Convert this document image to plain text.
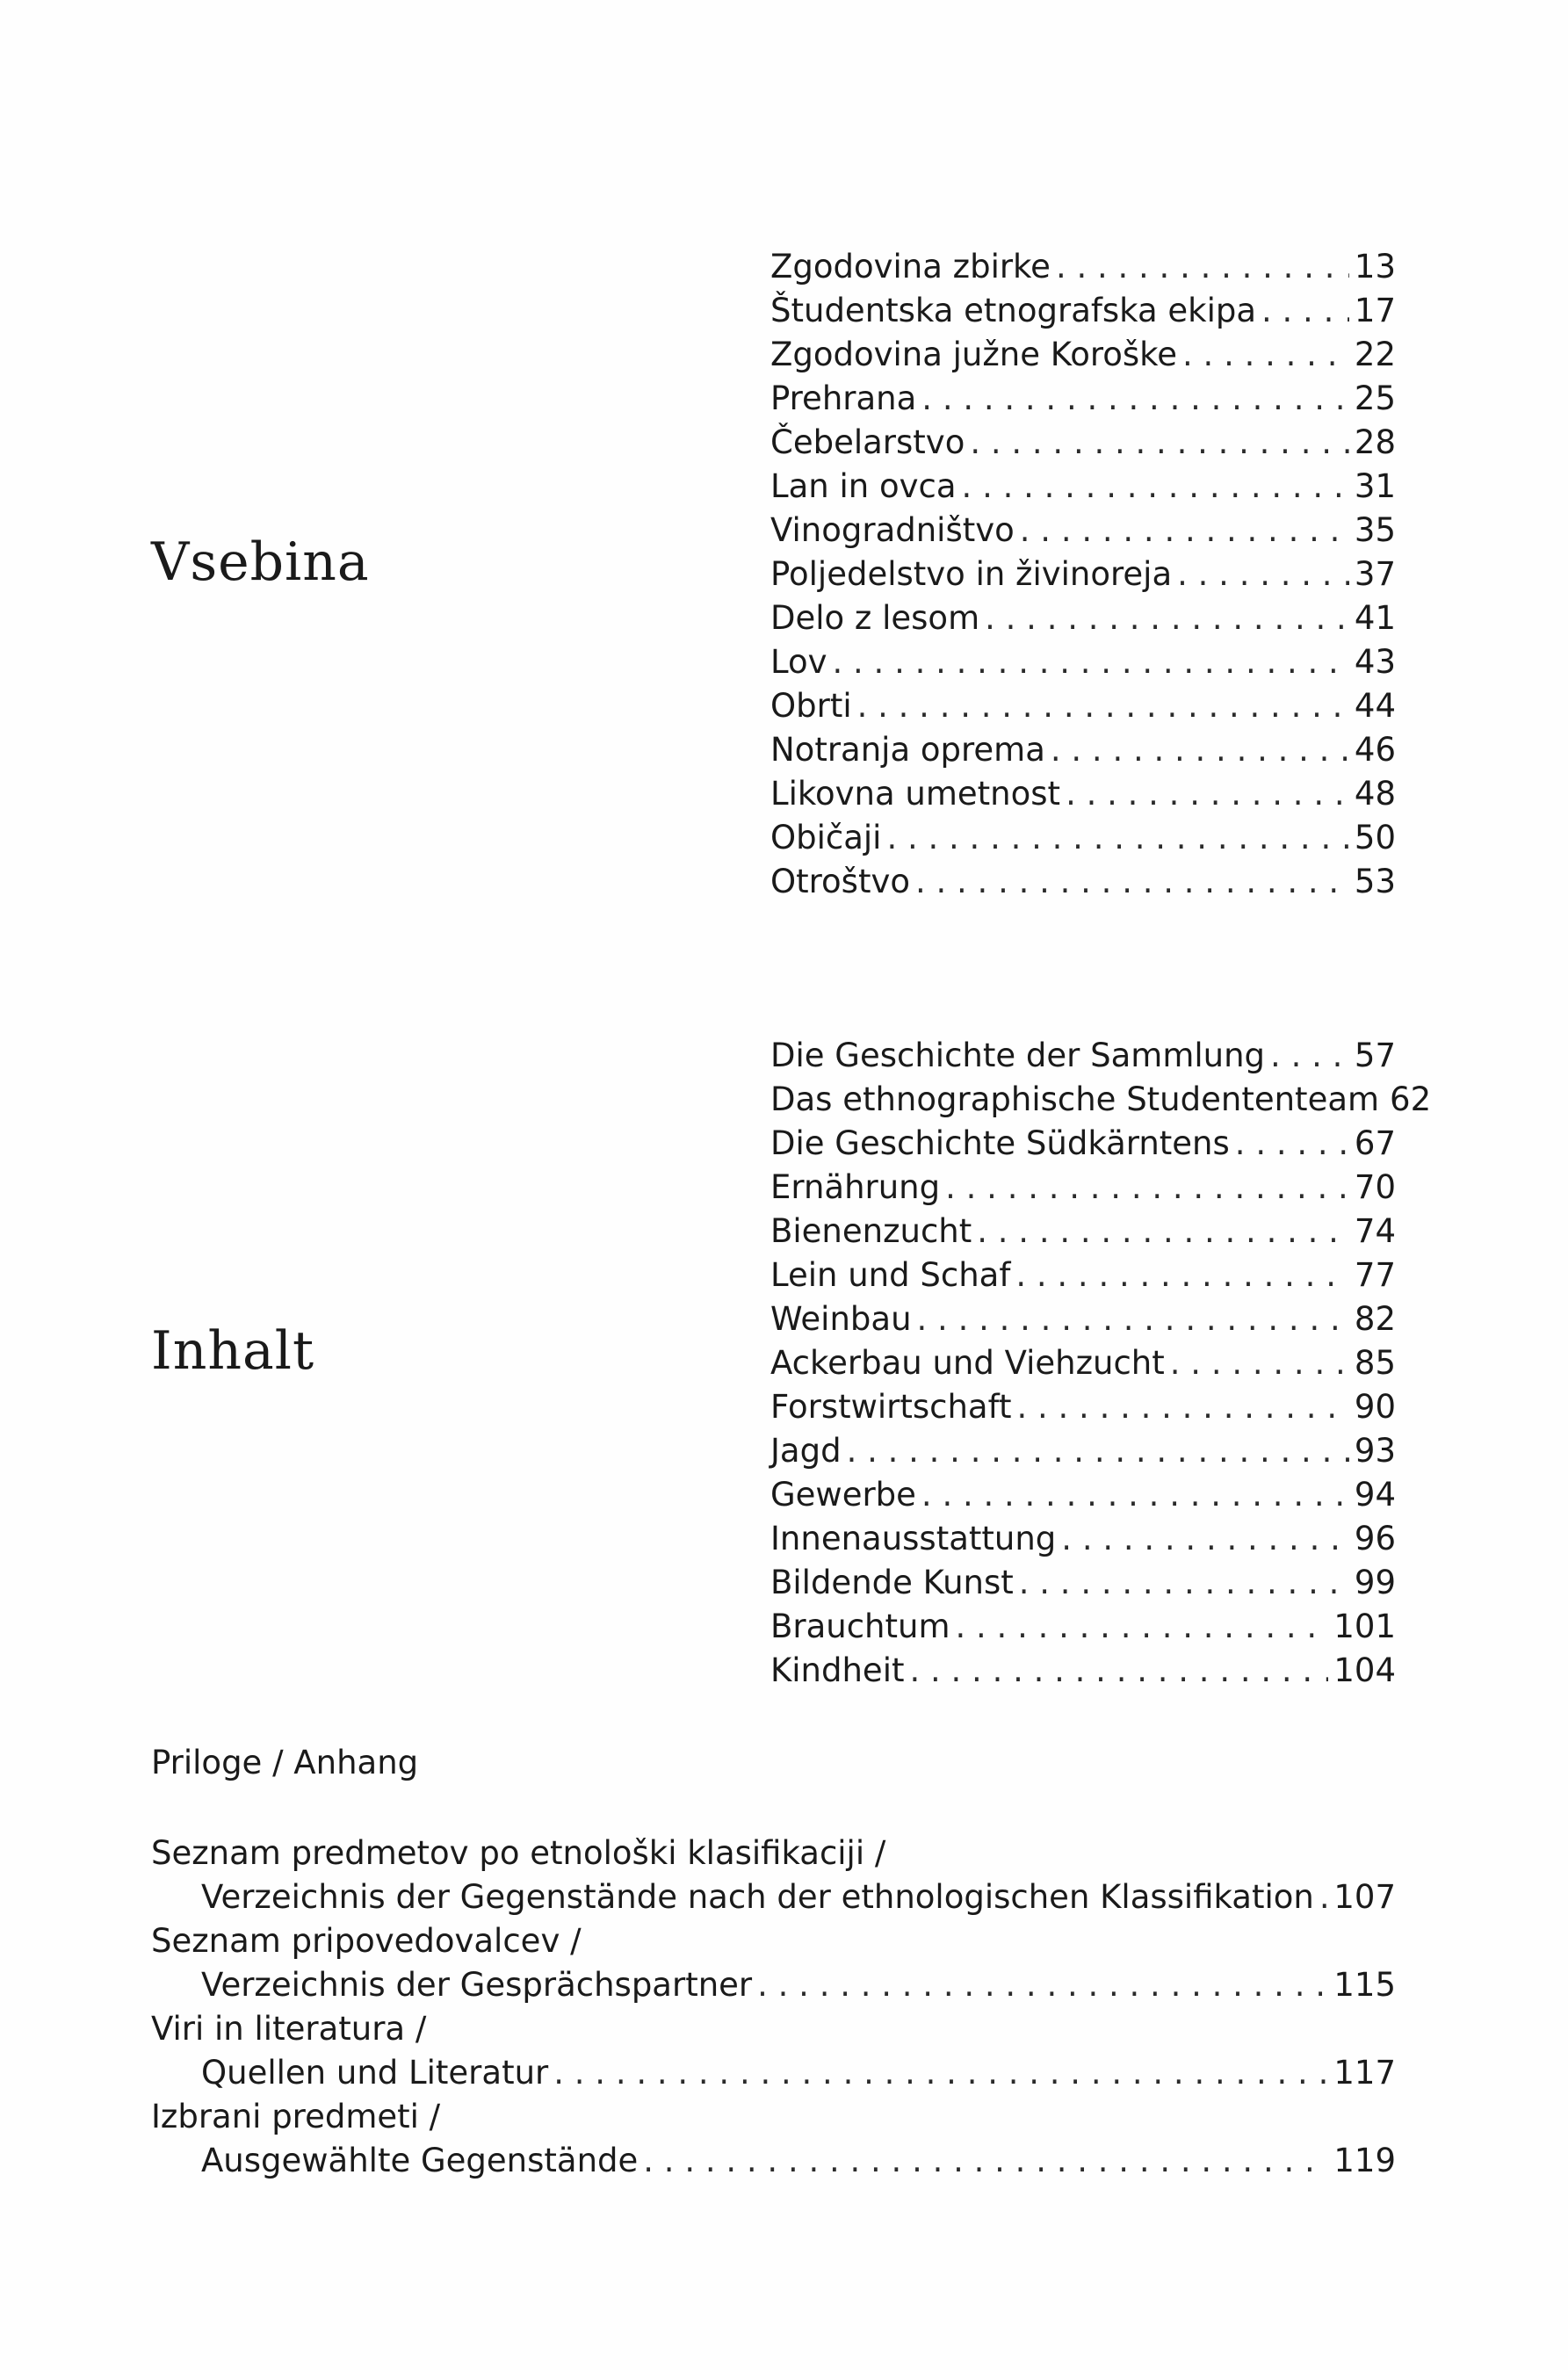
Vsebina
Zgodovina zbirke . . .	13
Študentska etnografska ekipa . . .	17
Zgodovina južne Koroške . . .	22
Prehrana . . .	25
Čebelarstvo . . .	28
Lan in ovca . . .	31
Vinogradništvo . . .	35
Poljedelstvo in živinoreja . . .	37
Delo z lesom . . .	41
Lov . . .	43
Obrti . . .	44
Notranja oprema . . .	46
Likovna umetnost . . .	48
Običaji . . .	50
Otroštvo . . .	53
Inhalt
Die Geschichte der Sammlung . . .	57
Das ethnographische Studententeam 62
Die Geschichte Südkärntens . . .	67
Ernährung . . .	70
Bienenzucht . . .	74
Lein und Schaf . . .	77
Weinbau . . .	82
Ackerbau und Viehzucht . . .	85
Forstwirtschaft . . .	90
Jagd . . .	93
Gewerbe . . .	94
Innenausstattung . . .	96
Bildende Kunst . . .	99
Brauchtum . . .	101
Kindheit . . .	104
Priloge / Anhang
Seznam predmetov po etnološki klasifikaciji /
Verzeichnis der Gegenstände nach der ethnologischen Klassifikation . . . 107
Seznam pripovedovalcev /
Verzeichnis der Gesprächspartner . . .	115
Viri in literatura /
Quellen und Literatur . . .	117
Izbrani predmeti /
Ausgewählte Gegenstände . . .	119
